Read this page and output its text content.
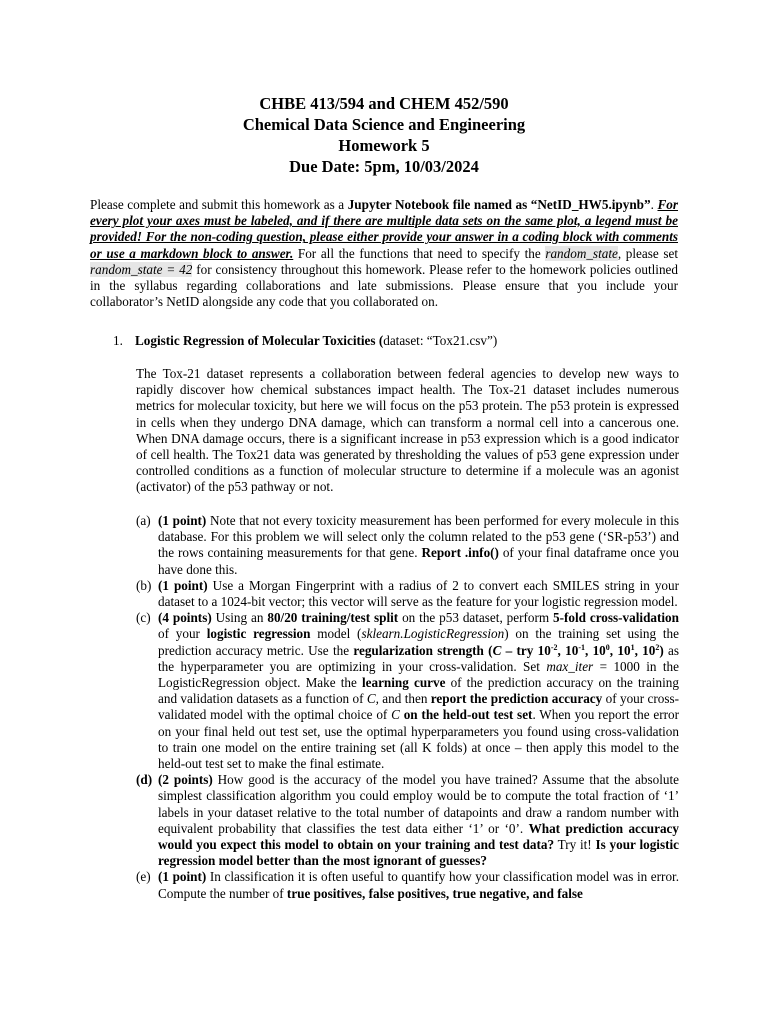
CHBE 413/594 and CHEM 452/590
Chemical Data Science and Engineering
Homework 5
Due Date: 5pm, 10/03/2024
Please complete and submit this homework as a Jupyter Notebook file named as “NetID_HW5.ipynb”. For every plot your axes must be labeled, and if there are multiple data sets on the same plot, a legend must be provided! For the non-coding question, please either provide your answer in a coding block with comments or use a markdown block to answer. For all the functions that need to specify the random_state, please set random_state = 42 for consistency throughout this homework. Please refer to the homework policies outlined in the syllabus regarding collaborations and late submissions. Please ensure that you include your collaborator’s NetID alongside any code that you collaborated on.
1. Logistic Regression of Molecular Toxicities (dataset: “Tox21.csv”)
The Tox-21 dataset represents a collaboration between federal agencies to develop new ways to rapidly discover how chemical substances impact health. The Tox-21 dataset includes numerous metrics for molecular toxicity, but here we will focus on the p53 protein. The p53 protein is expressed in cells when they undergo DNA damage, which can transform a normal cell into a cancerous one. When DNA damage occurs, there is a significant increase in p53 expression which is a good indicator of cell health. The Tox21 data was generated by thresholding the values of p53 gene expression under controlled conditions as a function of molecular structure to determine if a molecule was an agonist (activator) of the p53 pathway or not.
(a) (1 point) Note that not every toxicity measurement has been performed for every molecule in this database. For this problem we will select only the column related to the p53 gene (‘SR-p53’) and the rows containing measurements for that gene. Report .info() of your final dataframe once you have done this.
(b) (1 point) Use a Morgan Fingerprint with a radius of 2 to convert each SMILES string in your dataset to a 1024-bit vector; this vector will serve as the feature for your logistic regression model.
(c) (4 points) Using an 80/20 training/test split on the p53 dataset, perform 5-fold cross-validation of your logistic regression model (sklearn.LogisticRegression) on the training set using the prediction accuracy metric. Use the regularization strength (C – try $10^{-2}$, $10^{-1}$, $10^0$, $10^1$, $10^2$) as the hyperparameter you are optimizing in your cross-validation. Set max_iter = 1000 in the LogisticRegression object. Make the learning curve of the prediction accuracy on the training and validation datasets as a function of C, and then report the prediction accuracy of your cross-validated model with the optimal choice of C on the held-out test set. When you report the error on your final held out test set, use the optimal hyperparameters you found using cross-validation to train one model on the entire training set (all K folds) at once – then apply this model to the held-out test set to make the final estimate.
(d) (2 points) How good is the accuracy of the model you have trained? Assume that the absolute simplest classification algorithm you could employ would be to compute the total fraction of ‘1’ labels in your dataset relative to the total number of datapoints and draw a random number with equivalent probability that classifies the test data either ‘1’ or ‘0’. What prediction accuracy would you expect this model to obtain on your training and test data? Try it! Is your logistic regression model better than the most ignorant of guesses?
(e) (1 point) In classification it is often useful to quantify how your classification model was in error. Compute the number of true positives, false positives, true negative, and false
